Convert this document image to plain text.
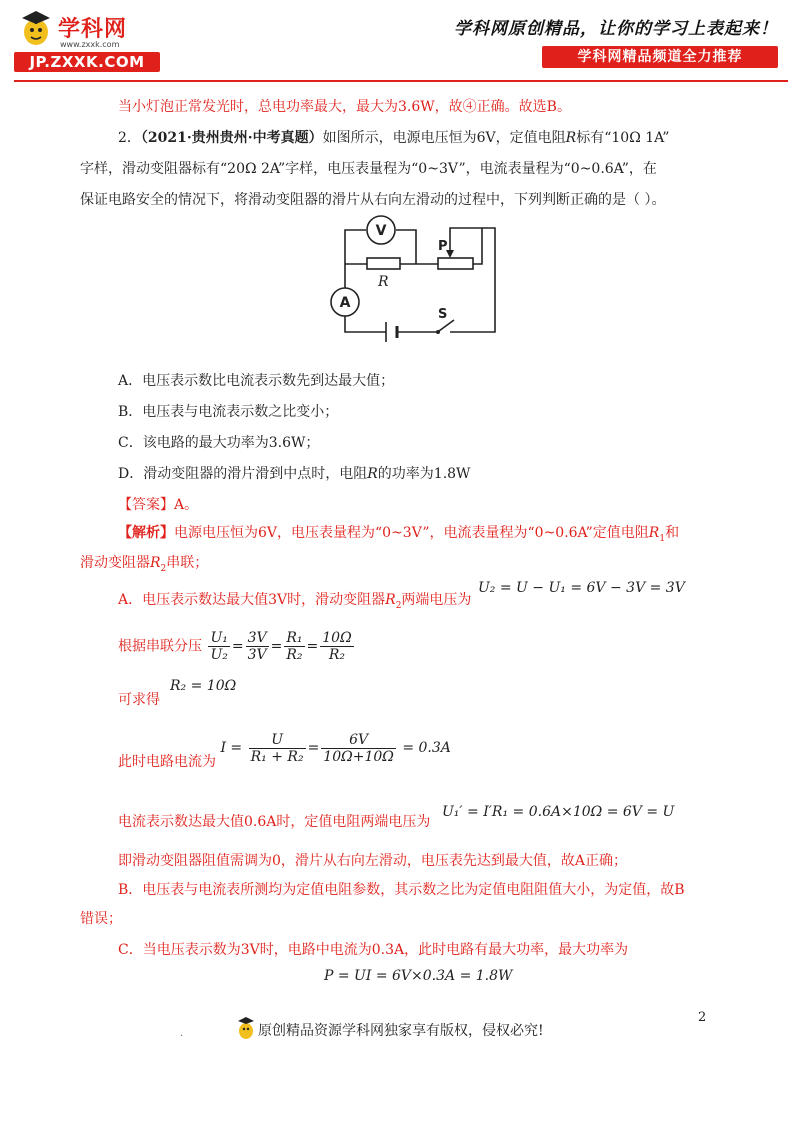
学科网
www.zxxk.com
JP.ZXXK.COM
学科网原创精品，让你的学习上表起来！
学科网精品频道全力推荐
当小灯泡正常发光时，总电功率最大，最大为3.6W，故④正确。故选B。
2．（2021·贵州贵州·中考真题）如图所示，电源电压恒为6V，定值电阻R标有“10Ω 1A”
字样，滑动变阻器标有“20Ω 2A”字样，电压表量程为“0~3V”，电流表量程为“0~0.6A”，在
保证电路安全的情况下，将滑动变阻器的滑片从右向左滑动的过程中，下列判断正确的是（ ）。
V
R
P
A
S
A．电压表示数比电流表示数先到达最大值；
B．电压表与电流表示数之比变小；
C．该电路的最大功率为3.6W；
D．滑动变阻器的滑片滑到中点时，电阻R的功率为1.8W
【答案】A。
【解析】电源电压恒为6V，电压表量程为“0~3V”，电流表量程为“0~0.6A”定值电阻$R_1$和
滑动变阻器$R_2$串联；
A．电压表示数达最大值3V时，滑动变阻器$R_2$两端电压为
U₂ = U − U₁ = 6V − 3V = 3V
根据串联分压 $\frac{\text{U₁}}{\text{U₂}} = \frac{3V}{3V} = \frac{\text{R₁}}{\text{R₂}} = \frac{10\Omega}{\text{R₂}}$
R₂ = 10Ω
可求得
此时电路电流为 $I = \frac{U}{\text{R₁ + R₂}} = \frac{6V}{10\Omega+10\Omega} = 0.3A$
电流表示数达最大值0.6A时，定值电阻两端电压为
U₁′ = I′R₁ = 0.6A×10Ω = 6V = U
即滑动变阻器阻值需调为0，滑片从右向左滑动，电压表先达到最大值，故A正确；
B．电压表与电流表所测均为定值电阻参数，其示数之比为定值电阻阻值大小，为定值，故B
错误；
C．当电压表示数为3V时，电路中电流为0.3A，此时电路有最大功率，最大功率为
P = UI = 6V×0.3A = 1.8W
2
.	原创精品资源学科网独家享有版权，侵权必究!
